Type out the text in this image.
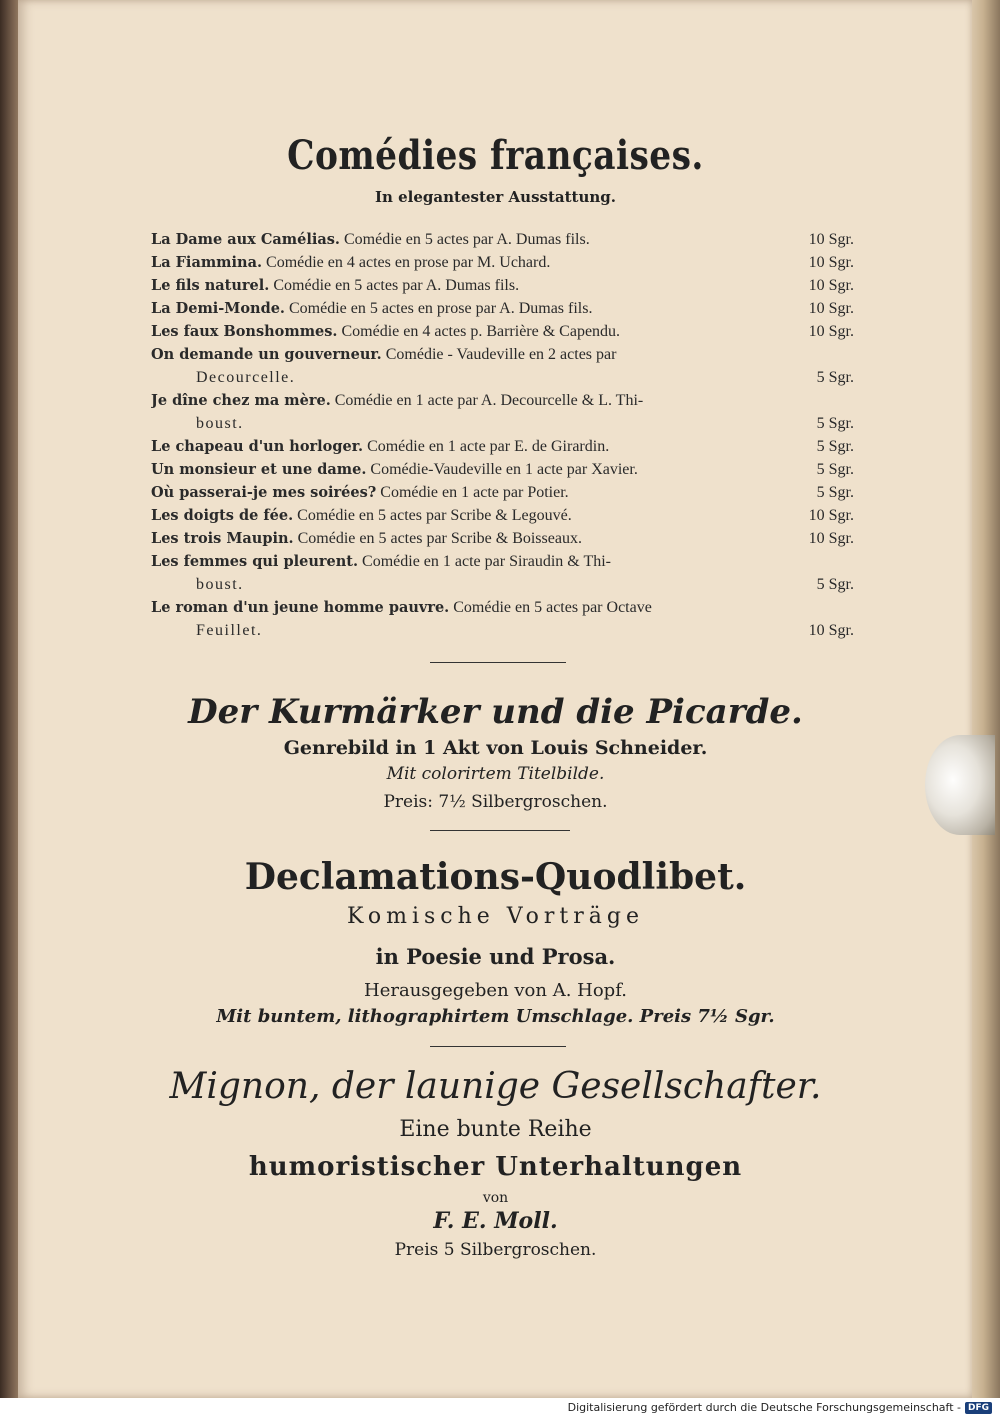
Comédies françaises.
In elegantester Ausstattung.
La Dame aux Camélias. Comédie en 5 actes par A. Dumas fils.	10 Sgr.
La Fiammina. Comédie en 4 actes en prose par M. Uchard.	10 Sgr.
Le fils naturel. Comédie en 5 actes par A. Dumas fils.	10 Sgr.
La Demi-Monde. Comédie en 5 actes en prose par A. Dumas fils.	10 Sgr.
Les faux Bonshommes. Comédie en 4 actes p. Barrière & Capendu.	10 Sgr.
On demande un gouverneur. Comédie - Vaudeville en 2 actes par
Decourcelle.	5 Sgr.
Je dîne chez ma mère. Comédie en 1 acte par A. Decourcelle & L. Thi-
boust.	5 Sgr.
Le chapeau d'un horloger. Comédie en 1 acte par E. de Girardin.	5 Sgr.
Un monsieur et une dame. Comédie-Vaudeville en 1 acte par Xavier.	5 Sgr.
Où passerai-je mes soirées? Comédie en 1 acte par Potier.	5 Sgr.
Les doigts de fée. Comédie en 5 actes par Scribe & Legouvé.	10 Sgr.
Les trois Maupin. Comédie en 5 actes par Scribe & Boisseaux.	10 Sgr.
Les femmes qui pleurent. Comédie en 1 acte par Siraudin & Thi-
boust.	5 Sgr.
Le roman d'un jeune homme pauvre. Comédie en 5 actes par Octave
Feuillet.	10 Sgr.
Der Kurmärker und die Picarde.
Genrebild in 1 Akt von Louis Schneider.
Mit colorirtem Titelbilde.
Preis: 7½ Silbergroschen.
Declamations-Quodlibet.
Komische Vorträge
in Poesie und Prosa.
Herausgegeben von A. Hopf.
Mit buntem, lithographirtem Umschlage. Preis 7½ Sgr.
Mignon, der launige Gesellschafter.
Eine bunte Reihe
humoristischer Unterhaltungen
von
F. E. Moll.
Preis 5 Silbergroschen.
Digitalisierung gefördert durch die Deutsche Forschungsgemeinschaft - DFG
